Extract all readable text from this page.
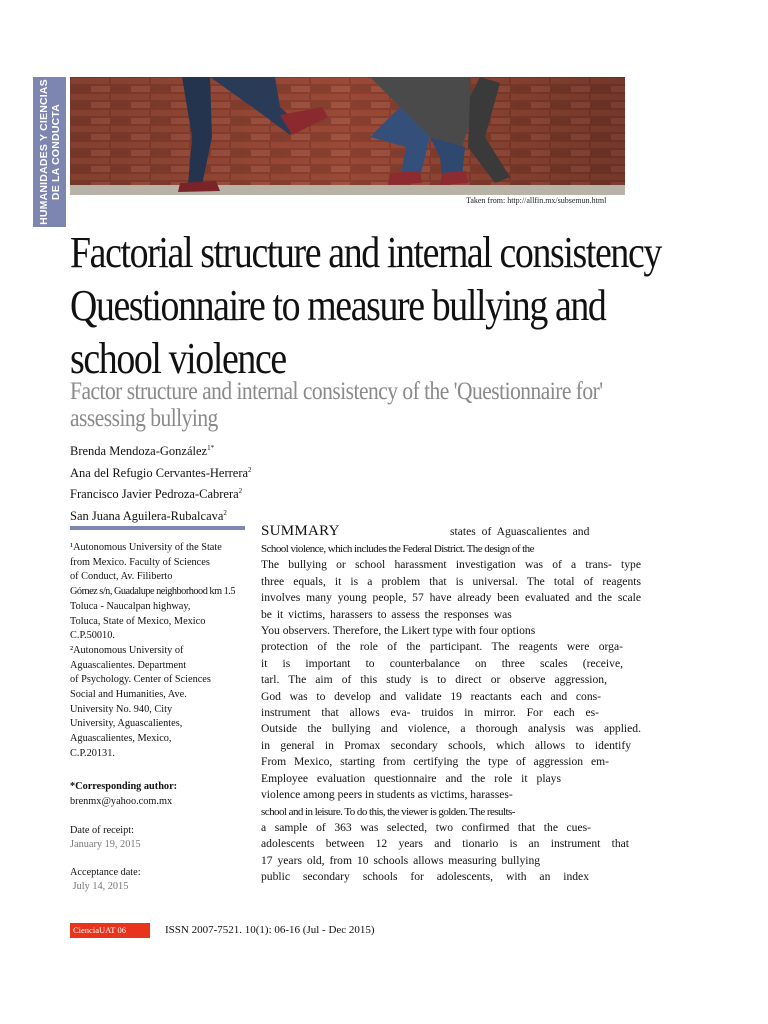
HUMANIDADES Y CIENCIAS DE LA CONDUCTA
Taken from: http://allfin.mx/subsemun.html
Factorial structure and internal consistency
Questionnaire to measure bullying and
school violence
Factor structure and internal consistency of the 'Questionnaire for'
assessing bullying
Brenda Mendoza-González$^{1*}$
Ana del Refugio Cervantes-Herrera$^2$
Francisco Javier Pedroza-Cabrera$^2$
San Juana Aguilera-Rubalcava$^2$
¹Autonomous University of the State
from Mexico. Faculty of Sciences
of Conduct, Av. Filiberto
Gómez s/n, Guadalupe neighborhood km 1.5
Toluca - Naucalpan highway,
Toluca, State of Mexico, Mexico
C.P.50010.
²Autonomous University of
Aguascalientes. Department
of Psychology. Center of Sciences
Social and Humanities, Ave.
University No. 940, City
University, Aguascalientes,
Aguascalientes, Mexico,
C.P.20131.
*Corresponding author:
brenmx@yahoo.com.mx
Date of receipt:
January 19, 2015
Acceptance date:
July 14, 2015
SUMMARY	states of Aguascalientes and
School violence, which includes the Federal District. The design of the
The bullying or school harassment investigation was of a trans- type
three equals, it is a problem that is universal. The total of reagents
involves many young people, 57 have already been evaluated and the scale
be it victims, harassers to assess the responses was
You observers. Therefore, the Likert type with four options
protection of the role of the participant. The reagents were orga-
it is important to counterbalance on three scales (receive,
tarl. The aim of this study is to direct or observe aggression,
God was to develop and validate 19 reactants each and cons-
instrument that allows eva- truidos in mirror. For each es-
Outside the bullying and violence, a thorough analysis was applied.
in general in Promax secondary schools, which allows to identify
From Mexico, starting from certifying the type of aggression em-
Employee evaluation questionnaire and the role it plays
violence among peers in students as victims, harasses-
school and in leisure. To do this, the viewer is golden. The results-
a sample of 363 was selected, two confirmed that the cues-
adolescents between 12 years and tionario is an instrument that
17 years old, from 10 schools allows measuring bullying
public secondary schools for adolescents, with an index
CienciaUAT 06	ISSN 2007-7521. 10(1): 06-16 (Jul - Dec 2015)
